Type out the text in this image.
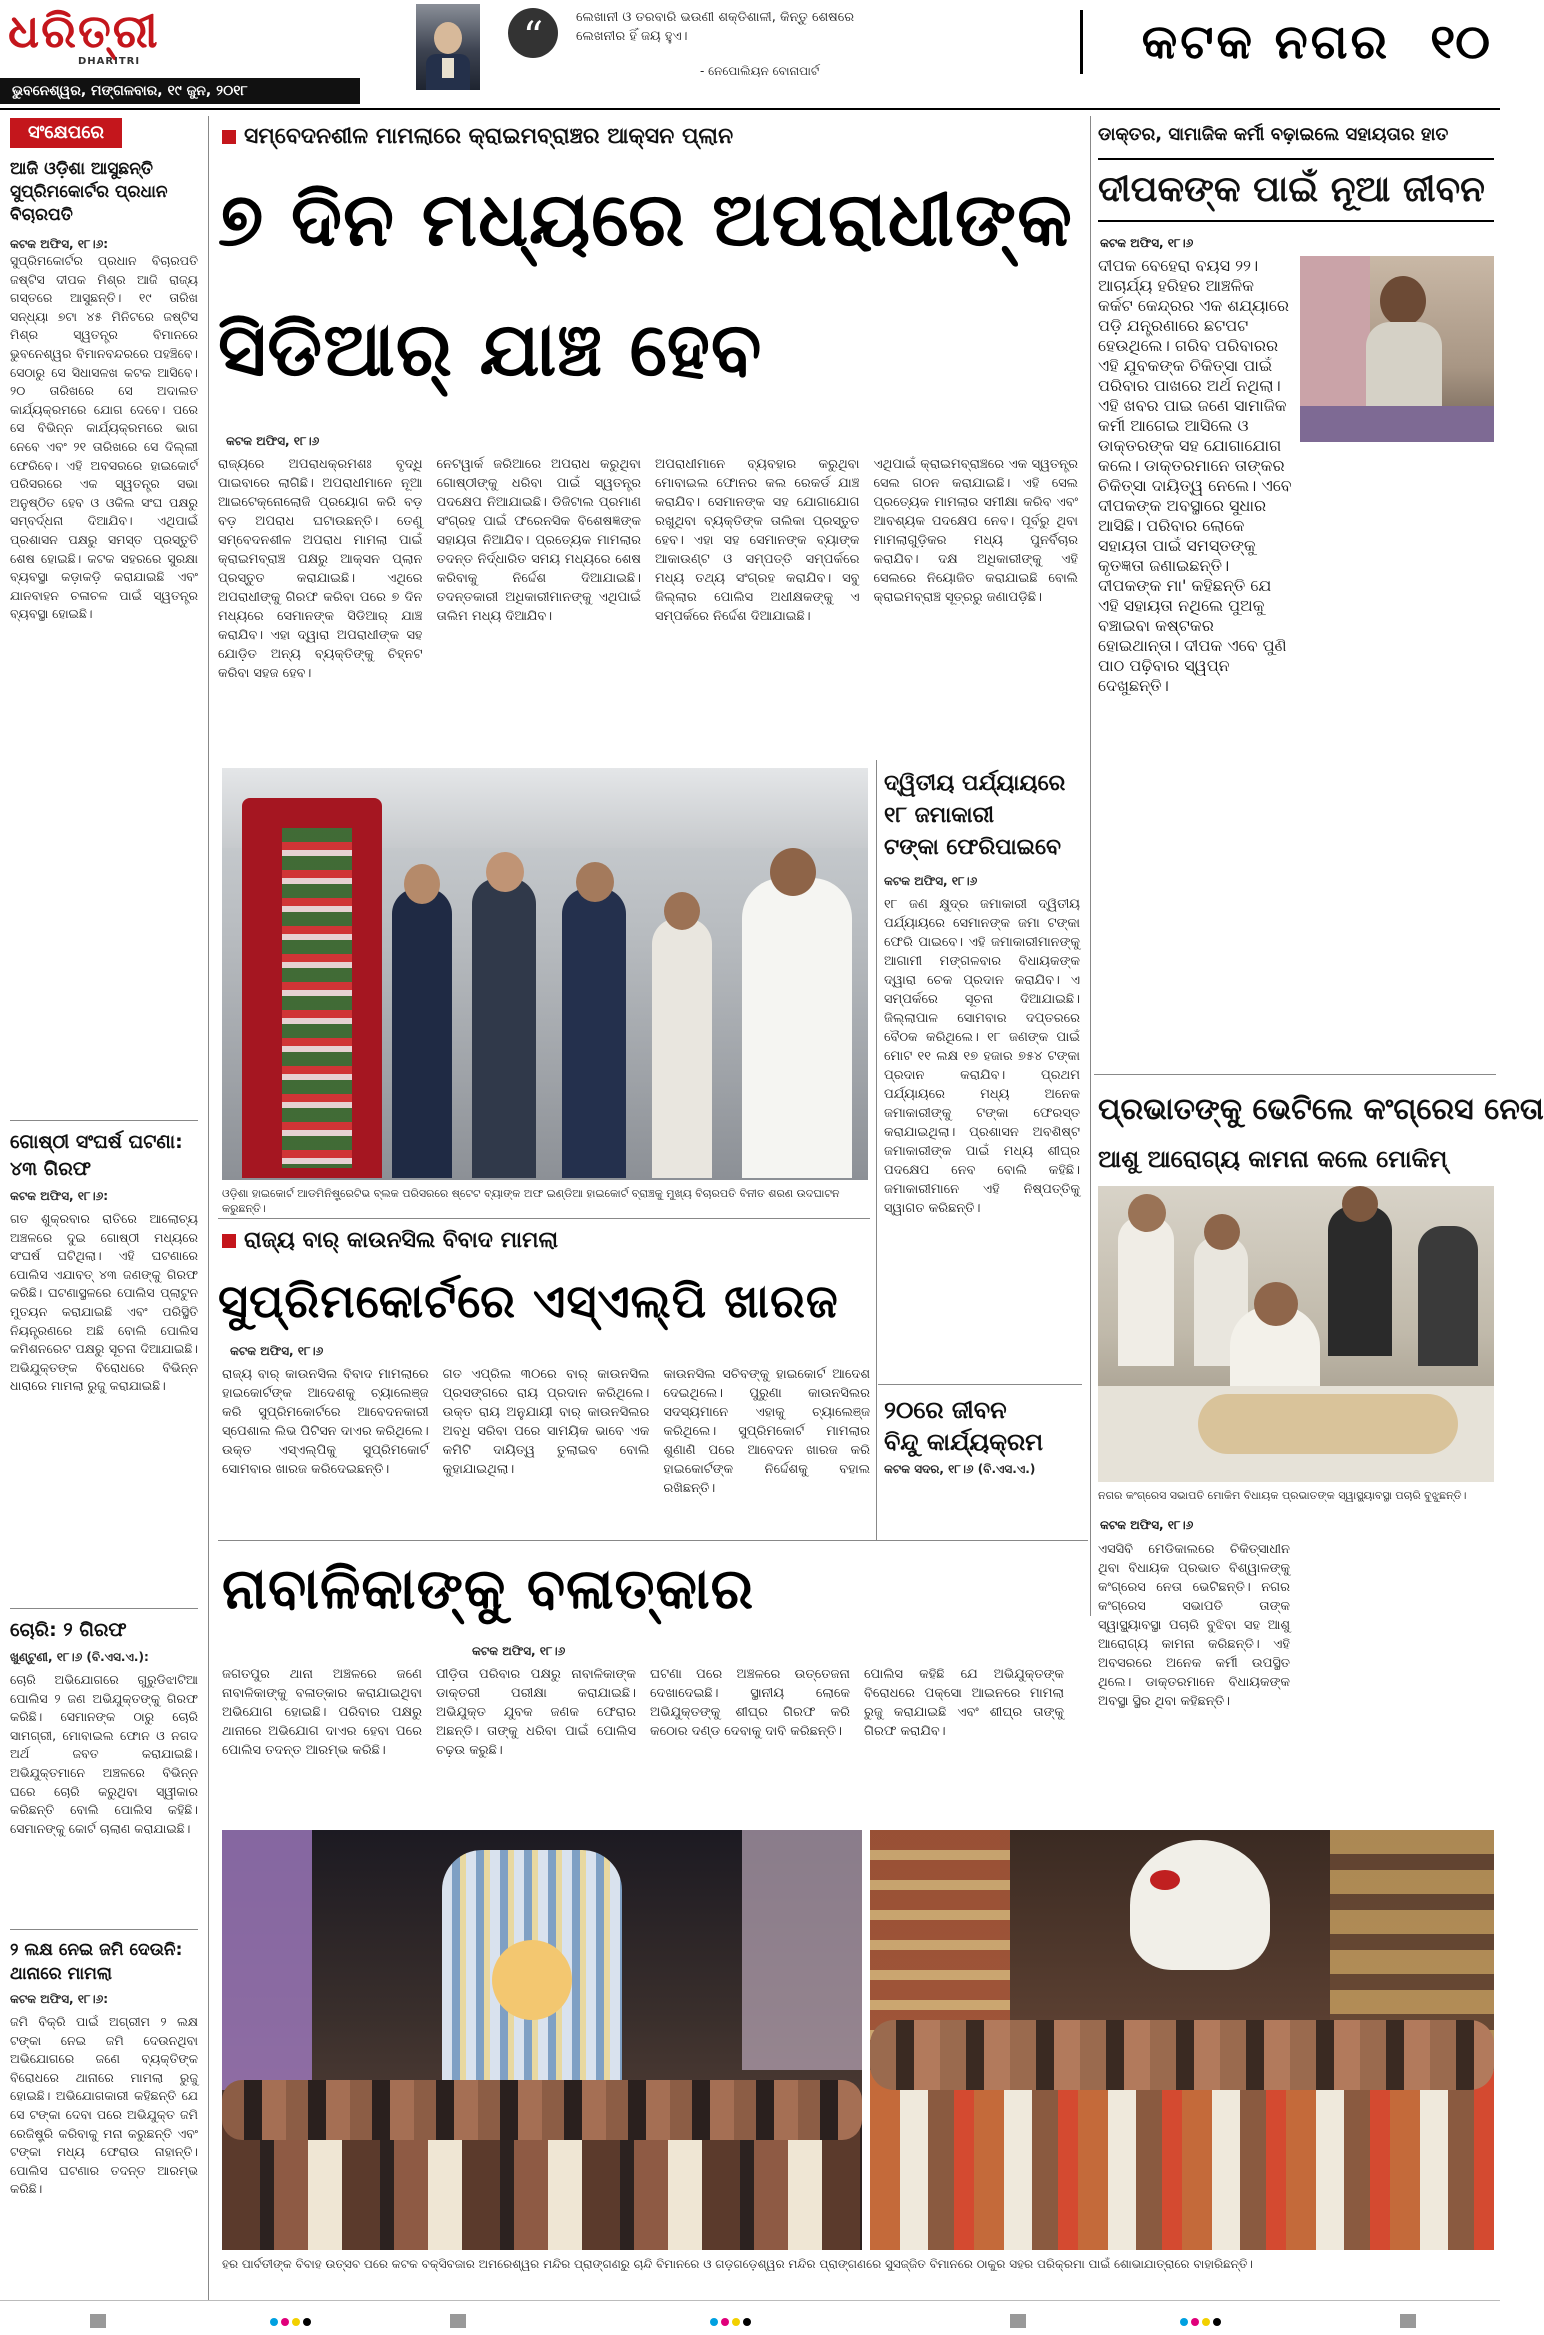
ଧରିତ୍ରୀ
DHARITRI
ଭୁବନେଶ୍ୱର, ମଙ୍ଗଳବାର, ୧୯ ଜୁନ, ୨୦୧୮
“	ଲେଖାନୀ ଓ ତରବାରି ଭଉଣୀ ଶକ୍ତିଶାଳୀ, କିନ୍ତୁ ଶେଷରେ ଲେଖନୀର ହିଁ ଜୟ ହୁଏ।
- ନେପୋଲିୟନ ବୋନାପାର୍ଟ
କଟକ ନଗର ୧୦
ସଂକ୍ଷେପରେ
ଆଜି ଓଡ଼ିଶା ଆସୁଛନ୍ତି ସୁପ୍ରିମକୋର୍ଟର ପ୍ରଧାନ ବିଚାରପତି
କଟକ ଅଫିସ, ୧୮।୬:
ସୁପ୍ରିମକୋର୍ଟର ପ୍ରଧାନ ବିଚାରପତି ଜଷ୍ଟିସ ଦୀପକ ମିଶ୍ର ଆଜି ରାଜ୍ୟ ଗସ୍ତରେ ଆସୁଛନ୍ତି। ୧୯ ତାରିଖ ସନ୍ଧ୍ୟା ୭ଟା ୪୫ ମିନିଟରେ ଜଷ୍ଟିସ ମିଶ୍ର ସ୍ୱତନ୍ତ୍ର ବିମାନରେ ଭୁବନେଶ୍ୱର ବିମାନବନ୍ଦରରେ ପହଞ୍ଚିବେ। ସେଠାରୁ ସେ ସିଧାସଳଖ କଟକ ଆସିବେ। ୨୦ ତାରିଖରେ ସେ ଅଦାଲତ କାର୍ଯ୍ୟକ୍ରମରେ ଯୋଗ ଦେବେ। ପରେ ସେ ବିଭିନ୍ନ କାର୍ଯ୍ୟକ୍ରମରେ ଭାଗ ନେବେ ଏବଂ ୨୧ ତାରିଖରେ ସେ ଦିଲ୍ଲୀ ଫେରିବେ। ଏହି ଅବସରରେ ହାଇକୋର୍ଟ ପରିସରରେ ଏକ ସ୍ୱତନ୍ତ୍ର ସଭା ଅନୁଷ୍ଠିତ ହେବ ଓ ଓକିଲ ସଂଘ ପକ୍ଷରୁ ସମ୍ବର୍ଦ୍ଧନା ଦିଆଯିବ। ଏଥିପାଇଁ ପ୍ରଶାସନ ପକ୍ଷରୁ ସମସ୍ତ ପ୍ରସ୍ତୁତି ଶେଷ ହୋଇଛି। କଟକ ସହରରେ ସୁରକ୍ଷା ବ୍ୟବସ୍ଥା କଡ଼ାକଡ଼ି କରାଯାଇଛି ଏବଂ ଯାନବାହନ ଚଳାଚଳ ପାଇଁ ସ୍ୱତନ୍ତ୍ର ବ୍ୟବସ୍ଥା ହୋଇଛି।
ଗୋଷ୍ଠୀ ସଂଘର୍ଷ ଘଟଣା: ୪୩ ଗିରଫ
କଟକ ଅଫିସ, ୧୮।୬:
ଗତ ଶୁକ୍ରବାର ରାତିରେ ଆଲୋଚ୍ୟ ଅଞ୍ଚଳରେ ଦୁଇ ଗୋଷ୍ଠୀ ମଧ୍ୟରେ ସଂଘର୍ଷ ଘଟିଥିଲା। ଏହି ଘଟଣାରେ ପୋଲିସ ଏଯାବତ୍ ୪୩ ଜଣଙ୍କୁ ଗିରଫ କରିଛି। ଘଟଣାସ୍ଥଳରେ ପୋଲିସ ପ୍ଲାଟୁନ ମୁତୟନ କରାଯାଇଛି ଏବଂ ପରିସ୍ଥିତି ନିୟନ୍ତ୍ରଣରେ ଅଛି ବୋଲି ପୋଲିସ କମିଶନରେଟ ପକ୍ଷରୁ ସୂଚନା ଦିଆଯାଇଛି। ଅଭିଯୁକ୍ତଙ୍କ ବିରୋଧରେ ବିଭିନ୍ନ ଧାରାରେ ମାମଲା ରୁଜୁ କରାଯାଇଛି।
ଚୋରି: ୨ ଗିରଫ
ଖୁଣ୍ଟୁଣୀ, ୧୮।୬ (ବି.ଏସ.ଏ.):
ଚୋରି ଅଭିଯୋଗରେ ଗୁରୁଡିଝାଟିଆ ପୋଲିସ ୨ ଜଣ ଅଭିଯୁକ୍ତଙ୍କୁ ଗିରଫ କରିଛି। ସେମାନଙ୍କ ଠାରୁ ଚୋରି ସାମଗ୍ରୀ, ମୋବାଇଲ ଫୋନ ଓ ନଗଦ ଅର୍ଥ ଜବତ କରାଯାଇଛି। ଅଭିଯୁକ୍ତମାନେ ଅଞ୍ଚଳରେ ବିଭିନ୍ନ ଘରେ ଚୋରି କରୁଥିବା ସ୍ୱୀକାର କରିଛନ୍ତି ବୋଲି ପୋଲିସ କହିଛି। ସେମାନଙ୍କୁ କୋର୍ଟ ଚାଲାଣ କରାଯାଇଛି।
୨ ଲକ୍ଷ ନେଇ ଜମି ଦେଉନି: ଥାନାରେ ମାମଲା
କଟକ ଅଫିସ, ୧୮।୬:
ଜମି ବିକ୍ରି ପାଇଁ ଅଗ୍ରୀମ ୨ ଲକ୍ଷ ଟଙ୍କା ନେଇ ଜମି ଦେଉନଥିବା ଅଭିଯୋଗରେ ଜଣେ ବ୍ୟକ୍ତିଙ୍କ ବିରୋଧରେ ଥାନାରେ ମାମଲା ରୁଜୁ ହୋଇଛି। ଅଭିଯୋଗକାରୀ କହିଛନ୍ତି ଯେ ସେ ଟଙ୍କା ଦେବା ପରେ ଅଭିଯୁକ୍ତ ଜମି ରେଜିଷ୍ଟ୍ରି କରିବାକୁ ମନା କରୁଛନ୍ତି ଏବଂ ଟଙ୍କା ମଧ୍ୟ ଫେରାଉ ନାହାନ୍ତି। ପୋଲିସ ଘଟଣାର ତଦନ୍ତ ଆରମ୍ଭ କରିଛି।
ସମ୍ବେଦନଶୀଳ ମାମଲାରେ କ୍ରାଇମବ୍ରାଞ୍ଚର ଆକ୍ସନ ପ୍ଲାନ
୭ ଦିନ ମଧ୍ୟରେ ଅପରାଧୀଙ୍କ
ସିଡିଆର୍ ଯାଞ୍ଚ ହେବ
କଟକ ଅଫିସ, ୧୮।୬
ରାଜ୍ୟରେ ଅପରାଧକ୍ରମଶଃ ବୃଦ୍ଧି ପାଇବାରେ ଲାଗିଛି। ଅପରାଧୀମାନେ ନୂଆ ଆଇଟେକ୍ନୋଲୋଜି ପ୍ରୟୋଗ କରି ବଡ଼ ବଡ଼ ଅପରାଧ ଘଟାଉଛନ୍ତି। ତେଣୁ ସମ୍ବେଦନଶୀଳ ଅପରାଧ ମାମଲା ପାଇଁ କ୍ରାଇମବ୍ରାଞ୍ଚ ପକ୍ଷରୁ ଆକ୍ସନ ପ୍ଲାନ ପ୍ରସ୍ତୁତ କରାଯାଇଛି। ଏଥିରେ ଅପରାଧୀଙ୍କୁ ଗିରଫ କରିବା ପରେ ୭ ଦିନ ମଧ୍ୟରେ ସେମାନଙ୍କ ସିଡିଆର୍ ଯାଞ୍ଚ କରାଯିବ। ଏହା ଦ୍ୱାରା ଅପରାଧୀଙ୍କ ସହ ଯୋଡ଼ିତ ଅନ୍ୟ ବ୍ୟକ୍ତିଙ୍କୁ ଚିହ୍ନଟ କରିବା ସହଜ ହେବ।
ନେଟୱାର୍କ ଜରିଆରେ ଅପରାଧ କରୁଥିବା ଗୋଷ୍ଠୀଙ୍କୁ ଧରିବା ପାଇଁ ସ୍ୱତନ୍ତ୍ର ପଦକ୍ଷେପ ନିଆଯାଇଛି। ଡିଜିଟାଲ ପ୍ରମାଣ ସଂଗ୍ରହ ପାଇଁ ଫରେନସିକ ବିଶେଷଜ୍ଞଙ୍କ ସହାୟତା ନିଆଯିବ। ପ୍ରତ୍ୟେକ ମାମଲାର ତଦନ୍ତ ନିର୍ଦ୍ଧାରିତ ସମୟ ମଧ୍ୟରେ ଶେଷ କରିବାକୁ ନିର୍ଦ୍ଦେଶ ଦିଆଯାଇଛି। ତଦନ୍ତକାରୀ ଅଧିକାରୀମାନଙ୍କୁ ଏଥିପାଇଁ ତାଲିମ ମଧ୍ୟ ଦିଆଯିବ।
ଅପରାଧୀମାନେ ବ୍ୟବହାର କରୁଥିବା ମୋବାଇଲ ଫୋନର କଲ ରେକର୍ଡ ଯାଞ୍ଚ କରାଯିବ। ସେମାନଙ୍କ ସହ ଯୋଗାଯୋଗ ରଖୁଥିବା ବ୍ୟକ୍ତିଙ୍କ ତାଲିକା ପ୍ରସ୍ତୁତ ହେବ। ଏହା ସହ ସେମାନଙ୍କ ବ୍ୟାଙ୍କ ଆକାଉଣ୍ଟ ଓ ସମ୍ପତ୍ତି ସମ୍ପର୍କରେ ମଧ୍ୟ ତଥ୍ୟ ସଂଗ୍ରହ କରାଯିବ। ସବୁ ଜିଲ୍ଲାର ପୋଲିସ ଅଧୀକ୍ଷକଙ୍କୁ ଏ ସମ୍ପର୍କରେ ନିର୍ଦ୍ଦେଶ ଦିଆଯାଇଛି।
ଏଥିପାଇଁ କ୍ରାଇମବ୍ରାଞ୍ଚରେ ଏକ ସ୍ୱତନ୍ତ୍ର ସେଲ ଗଠନ କରାଯାଇଛି। ଏହି ସେଲ ପ୍ରତ୍ୟେକ ମାମଲାର ସମୀକ୍ଷା କରିବ ଏବଂ ଆବଶ୍ୟକ ପଦକ୍ଷେପ ନେବ। ପୂର୍ବରୁ ଥିବା ମାମଲାଗୁଡ଼ିକର ମଧ୍ୟ ପୁନର୍ବିଚାର କରାଯିବ। ଦକ୍ଷ ଅଧିକାରୀଙ୍କୁ ଏହି ସେଲରେ ନିୟୋଜିତ କରାଯାଇଛି ବୋଲି କ୍ରାଇମବ୍ରାଞ୍ଚ ସୂତ୍ରରୁ ଜଣାପଡ଼ିଛି।
ଓଡ଼ିଶା ହାଇକୋର୍ଟ ଆଡମିନିଷ୍ଟ୍ରେଟିଭ ବ୍ଲକ ପରିସରରେ ଷ୍ଟେଟ ବ୍ୟାଙ୍କ ଅଫ ଇଣ୍ଡିଆ ହାଇକୋର୍ଟ ବ୍ରାଞ୍ଚକୁ ମୁଖ୍ୟ ବିଚାରପତି ବିନୀତ ଶରଣ ଉଦଘାଟନ କରୁଛନ୍ତି।
ଦ୍ୱିତୀୟ ପର୍ଯ୍ୟାୟରେ
୧୮ ଜମାକାରୀ
ଟଙ୍କା ଫେରିପାଇବେ
କଟକ ଅଫିସ, ୧୮।୬
୧୮ ଜଣ କ୍ଷୁଦ୍ର ଜମାକାରୀ ଦ୍ୱିତୀୟ ପର୍ଯ୍ୟାୟରେ ସେମାନଙ୍କ ଜମା ଟଙ୍କା ଫେରି ପାଇବେ। ଏହି ଜମାକାରୀମାନଙ୍କୁ ଆଗାମୀ ମଙ୍ଗଳବାର ବିଧାୟକଙ୍କ ଦ୍ୱାରା ଚେକ ପ୍ରଦାନ କରାଯିବ। ଏ ସମ୍ପର୍କରେ ସୂଚନା ଦିଆଯାଇଛି। ଜିଲ୍ଲାପାଳ ସୋମବାର ଦପ୍ତରରେ ବୈଠକ କରିଥିଲେ। ୧୮ ଜଣଙ୍କ ପାଇଁ ମୋଟ ୧୧ ଲକ୍ଷ ୧୭ ହଜାର ୭୫୪ ଟଙ୍କା ପ୍ରଦାନ କରାଯିବ। ପ୍ରଥମ ପର୍ଯ୍ୟାୟରେ ମଧ୍ୟ ଅନେକ ଜମାକାରୀଙ୍କୁ ଟଙ୍କା ଫେରସ୍ତ କରାଯାଇଥିଲା। ପ୍ରଶାସନ ଅବଶିଷ୍ଟ ଜମାକାରୀଙ୍କ ପାଇଁ ମଧ୍ୟ ଶୀଘ୍ର ପଦକ୍ଷେପ ନେବ ବୋଲି କହିଛି। ଜମାକାରୀମାନେ ଏହି ନିଷ୍ପତ୍ତିକୁ ସ୍ୱାଗତ କରିଛନ୍ତି।
ରାଜ୍ୟ ବାର୍ କାଉନସିଲ ବିବାଦ ମାମଲା
ସୁପ୍ରିମକୋର୍ଟରେ ଏସ୍ଏଲ୍ପି ଖାରଜ
କଟକ ଅଫିସ, ୧୮।୬
ରାଜ୍ୟ ବାର୍ କାଉନସିଲ ବିବାଦ ମାମଲାରେ ହାଇକୋର୍ଟଙ୍କ ଆଦେଶକୁ ଚ୍ୟାଲେଞ୍ଜ କରି ସୁପ୍ରିମକୋର୍ଟରେ ଆବେଦନକାରୀ ସ୍ପେଶାଲ ଲିଭ ପିଟିସନ ଦାଏର କରିଥିଲେ। ଉକ୍ତ ଏସ୍ଏଲ୍ପିକୁ ସୁପ୍ରିମକୋର୍ଟ ସୋମବାର ଖାରଜ କରିଦେଇଛନ୍ତି।
ଗତ ଏପ୍ରିଲ ୩୦ରେ ବାର୍ କାଉନସିଲ ପ୍ରସଙ୍ଗରେ ରାୟ ପ୍ରଦାନ କରିଥିଲେ। ଉକ୍ତ ରାୟ ଅନୁଯାୟୀ ବାର୍ କାଉନସିଲର ଅବଧି ସରିବା ପରେ ସାମୟିକ ଭାବେ ଏକ କମିଟି ଦାୟିତ୍ୱ ତୁଲାଇବ ବୋଲି କୁହାଯାଇଥିଲା।
କାଉନସିଲ ସଚିବଙ୍କୁ ହାଇକୋର୍ଟ ଆଦେଶ ଦେଇଥିଲେ। ପୁରୁଣା କାଉନସିଲର ସଦସ୍ୟମାନେ ଏହାକୁ ଚ୍ୟାଲେଞ୍ଜ କରିଥିଲେ। ସୁପ୍ରିମକୋର୍ଟ ମାମଲାର ଶୁଣାଣି ପରେ ଆବେଦନ ଖାରଜ କରି ହାଇକୋର୍ଟଙ୍କ ନିର୍ଦ୍ଦେଶକୁ ବହାଲ ରଖିଛନ୍ତି।
୨୦ରେ ଜୀବନ
ବିନ୍ଦୁ କାର୍ଯ୍ୟକ୍ରମ
କଟକ ସଦର, ୧୮।୬ (ବି.ଏସ.ଏ.)
ଡାକ୍ତର, ସାମାଜିକ କର୍ମୀ ବଢ଼ାଇଲେ ସହାୟତାର ହାତ
ଦୀପକଙ୍କ ପାଇଁ ନୂଆ ଜୀବନ
କଟକ ଅଫିସ, ୧୮।୬
ଦୀପକ ବେହେରା ବୟସ ୨୨। ଆଚାର୍ଯ୍ୟ ହରିହର ଆଞ୍ଚଳିକ କର୍କଟ କେନ୍ଦ୍ରର ଏକ ଶଯ୍ୟାରେ ପଡ଼ି ଯନ୍ତ୍ରଣାରେ ଛଟପଟ ହେଉଥିଲେ। ଗରିବ ପରିବାରର ଏହି ଯୁବକଙ୍କ ଚିକିତ୍ସା ପାଇଁ ପରିବାର ପାଖରେ ଅର୍ଥ ନଥିଲା। ଏହି ଖବର ପାଇ ଜଣେ ସାମାଜିକ କର୍ମୀ ଆଗେଇ ଆସିଲେ ଓ ଡାକ୍ତରଙ୍କ ସହ ଯୋଗାଯୋଗ କଲେ। ଡାକ୍ତରମାନେ ତାଙ୍କର ଚିକିତ୍ସା ଦାୟିତ୍ୱ ନେଲେ। ଏବେ ଦୀପକଙ୍କ ଅବସ୍ଥାରେ ସୁଧାର ଆସିଛି। ପରିବାର ଲୋକେ ସହାୟତା ପାଇଁ ସମସ୍ତଙ୍କୁ କୃତଜ୍ଞତା ଜଣାଇଛନ୍ତି। ଦୀପକଙ୍କ ମା' କହିଛନ୍ତି ଯେ ଏହି ସହାୟତା ନଥିଲେ ପୁଅକୁ ବଞ୍ଚାଇବା କଷ୍ଟକର ହୋଇଥାନ୍ତା। ଦୀପକ ଏବେ ପୁଣି ପାଠ ପଢ଼ିବାର ସ୍ୱପ୍ନ ଦେଖୁଛନ୍ତି।
ପ୍ରଭାତଙ୍କୁ ଭେଟିଲେ କଂଗ୍ରେସ ନେତା
ଆଶୁ ଆରୋଗ୍ୟ କାମନା କଲେ ମୋକିମ୍
ନଗର କଂଗ୍ରେସ ସଭାପତି ମୋକିମ ବିଧାୟକ ପ୍ରଭାତଙ୍କ ସ୍ୱାସ୍ଥ୍ୟାବସ୍ଥା ପଚାରି ବୁଝୁଛନ୍ତି।
କଟକ ଅଫିସ, ୧୮।୬
ଏସସିବି ମେଡିକାଲରେ ଚିକିତ୍ସାଧୀନ ଥିବା ବିଧାୟକ ପ୍ରଭାତ ବିଶ୍ୱାଳଙ୍କୁ କଂଗ୍ରେସ ନେତା ଭେଟିଛନ୍ତି। ନଗର କଂଗ୍ରେସ ସଭାପତି ତାଙ୍କ ସ୍ୱାସ୍ଥ୍ୟାବସ୍ଥା ପଚାରି ବୁଝିବା ସହ ଆଶୁ ଆରୋଗ୍ୟ କାମନା କରିଛନ୍ତି। ଏହି ଅବସରରେ ଅନେକ କର୍ମୀ ଉପସ୍ଥିତ ଥିଲେ। ଡାକ୍ତରମାନେ ବିଧାୟକଙ୍କ ଅବସ୍ଥା ସ୍ଥିର ଥିବା କହିଛନ୍ତି।
ନାବାଳିକାଙ୍କୁ ବଳାତ୍କାର
କଟକ ଅଫିସ, ୧୮।୬
ଜଗତପୁର ଥାନା ଅଞ୍ଚଳରେ ଜଣେ ନାବାଳିକାଙ୍କୁ ବଳାତ୍କାର କରାଯାଇଥିବା ଅଭିଯୋଗ ହୋଇଛି। ପରିବାର ପକ୍ଷରୁ ଥାନାରେ ଅଭିଯୋଗ ଦାଏର ହେବା ପରେ ପୋଲିସ ତଦନ୍ତ ଆରମ୍ଭ କରିଛି।
ପୀଡ଼ିତା ପରିବାର ପକ୍ଷରୁ ନାବାଳିକାଙ୍କ ଡାକ୍ତରୀ ପରୀକ୍ଷା କରାଯାଇଛି। ଅଭିଯୁକ୍ତ ଯୁବକ ଜଣକ ଫେରାର ଅଛନ୍ତି। ତାଙ୍କୁ ଧରିବା ପାଇଁ ପୋଲିସ ଚଢ଼ଉ କରୁଛି।
ଘଟଣା ପରେ ଅଞ୍ଚଳରେ ଉତ୍ତେଜନା ଦେଖାଦେଇଛି। ସ୍ଥାନୀୟ ଲୋକେ ଅଭିଯୁକ୍ତଙ୍କୁ ଶୀଘ୍ର ଗିରଫ କରି କଠୋର ଦଣ୍ଡ ଦେବାକୁ ଦାବି କରିଛନ୍ତି।
ପୋଲିସ କହିଛି ଯେ ଅଭିଯୁକ୍ତଙ୍କ ବିରୋଧରେ ପକ୍ସୋ ଆଇନରେ ମାମଲା ରୁଜୁ କରାଯାଇଛି ଏବଂ ଶୀଘ୍ର ତାଙ୍କୁ ଗିରଫ କରାଯିବ।
ହର ପାର୍ବତୀଙ୍କ ବିବାହ ଉତ୍ସବ ପରେ କଟକ ବକ୍ସିବଜାର ଅମରେଶ୍ୱର ମନ୍ଦିର ପ୍ରାଙ୍ଗଣରୁ ଚାନ୍ଦି ବିମାନରେ ଓ ଗଡ଼ଗଡ଼େଶ୍ୱର ମନ୍ଦିର ପ୍ରାଙ୍ଗଣରେ ସୁସଜ୍ଜିତ ବିମାନରେ ଠାକୁର ସହର ପରିକ୍ରମା ପାଇଁ ଶୋଭାଯାତ୍ରାରେ ବାହାରିଛନ୍ତି।
